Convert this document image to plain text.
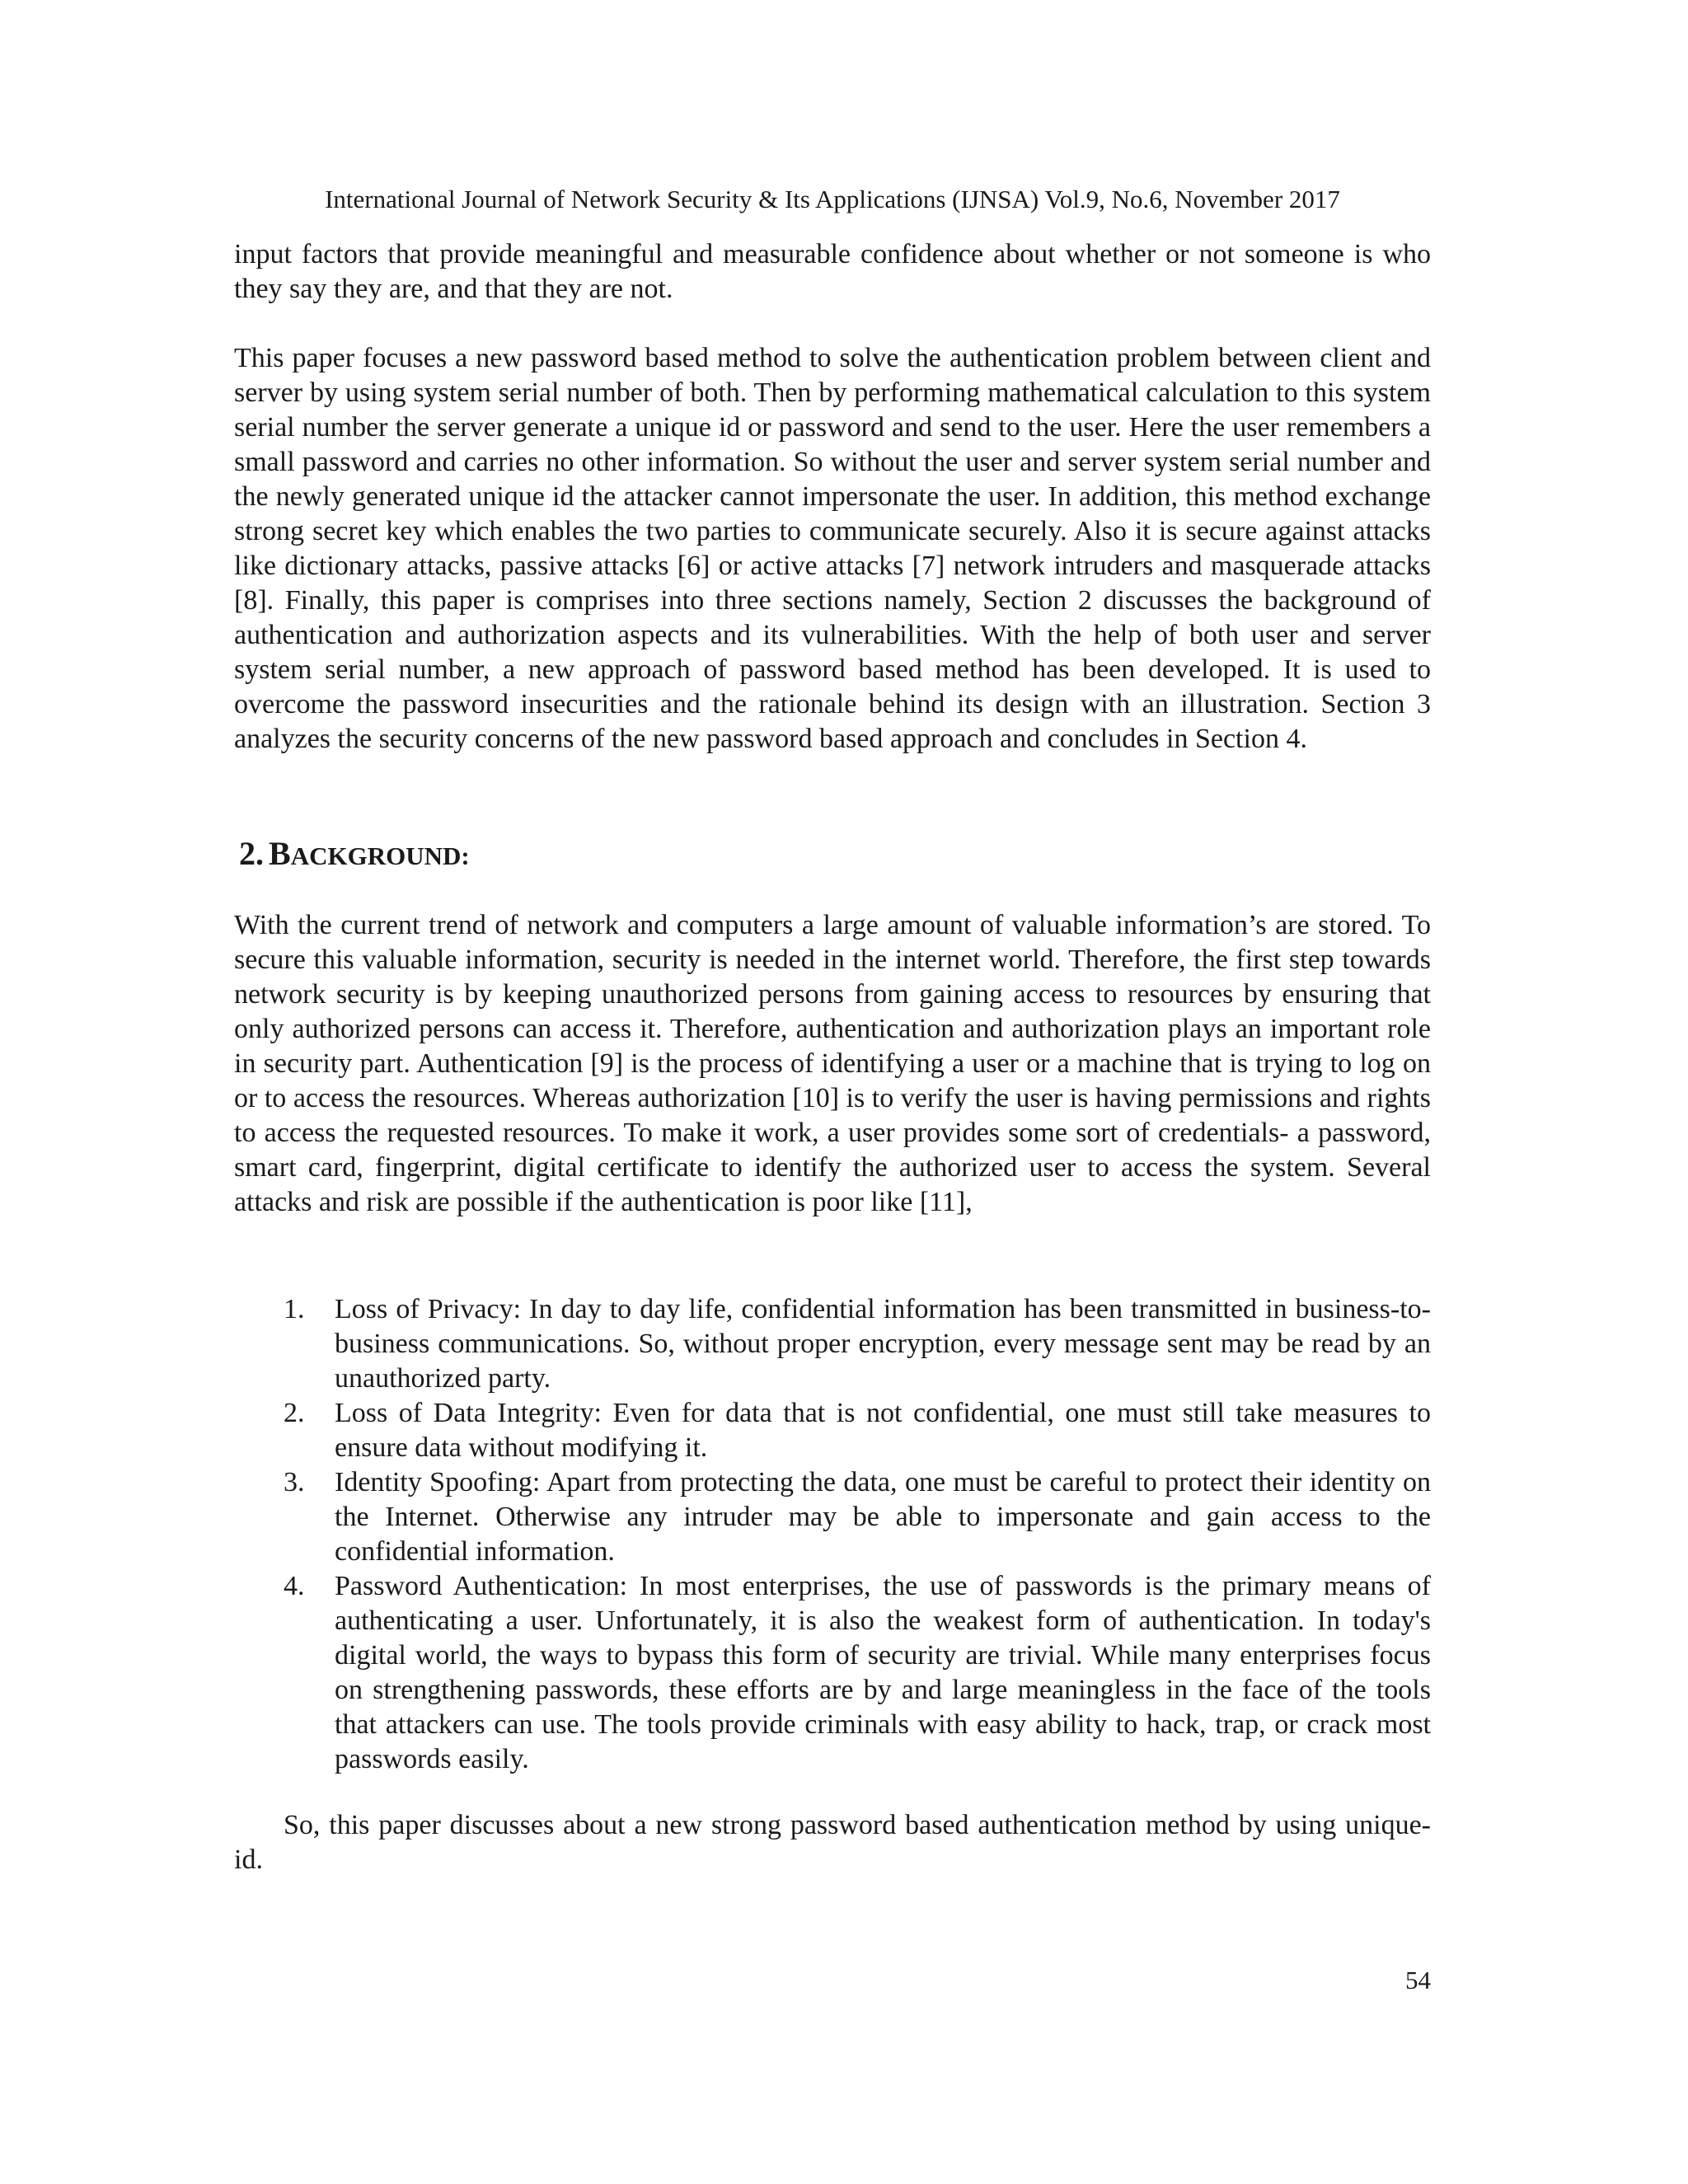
International Journal of Network Security & Its Applications (IJNSA) Vol.9, No.6, November 2017

input factors that provide meaningful and measurable confidence about whether or not someone is who they say they are, and that they are not.

This paper focuses a new password based method to solve the authentication problem between client and server by using system serial number of both. Then by performing mathematical calculation to this system serial number the server generate a unique id or password and send to the user. Here the user remembers a small password and carries no other information. So without the user and server system serial number and the newly generated unique id the attacker cannot impersonate the user. In addition, this method exchange strong secret key which enables the two parties to communicate securely. Also it is secure against attacks like dictionary attacks, passive attacks [6] or active attacks [7] network intruders and masquerade attacks [8]. Finally, this paper is comprises into three sections namely, Section 2 discusses the background of authentication and authorization aspects and its vulnerabilities. With the help of both user and server system serial number, a new approach of password based method has been developed. It is used to overcome the password insecurities and the rationale behind its design with an illustration. Section 3 analyzes the security concerns of the new password based approach and concludes in Section 4.

2. BACKGROUND:

With the current trend of network and computers a large amount of valuable information’s are stored. To secure this valuable information, security is needed in the internet world. Therefore, the first step towards network security is by keeping unauthorized persons from gaining access to resources by ensuring that only authorized persons can access it. Therefore, authentication and authorization plays an important role in security part. Authentication [9] is the process of identifying a user or a machine that is trying to log on or to access the resources. Whereas authorization [10] is to verify the user is having permissions and rights to access the requested resources. To make it work, a user provides some sort of credentials- a password, smart card, fingerprint, digital certificate to identify the authorized user to access the system. Several attacks and risk are possible if the authentication is poor like [11],

1. Loss of Privacy: In day to day life, confidential information has been transmitted in business-to-business communications. So, without proper encryption, every message sent may be read by an unauthorized party.
2. Loss of Data Integrity: Even for data that is not confidential, one must still take measures to ensure data without modifying it.
3. Identity Spoofing: Apart from protecting the data, one must be careful to protect their identity on the Internet. Otherwise any intruder may be able to impersonate and gain access to the confidential information.
4. Password Authentication: In most enterprises, the use of passwords is the primary means of authenticating a user. Unfortunately, it is also the weakest form of authentication. In today's digital world, the ways to bypass this form of security are trivial. While many enterprises focus on strengthening passwords, these efforts are by and large meaningless in the face of the tools that attackers can use. The tools provide criminals with easy ability to hack, trap, or crack most passwords easily.

So, this paper discusses about a new strong password based authentication method by using unique-id.

54
